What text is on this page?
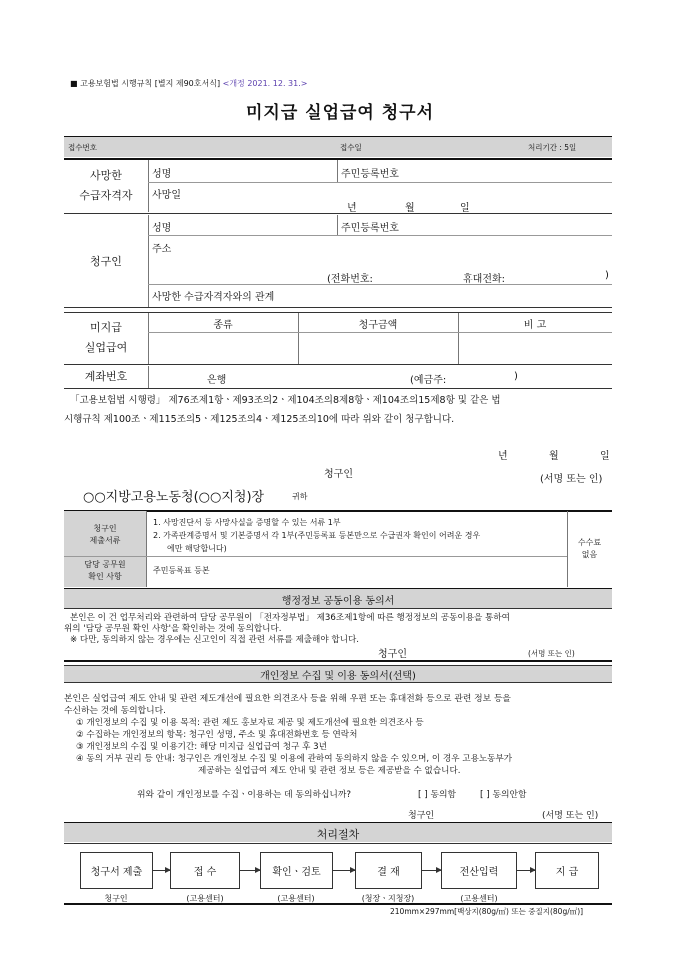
■ 고용보험법 시행규칙 [별지 제90호서식] <개정 2021. 12. 31.>
미지급 실업급여 청구서
접수번호	접수일	처리기간 : 5일
사망한
수급자격자
성명	주민등록번호
사망일
년	월	일
청구인
성명	주민등록번호
주소
(전화번호:	휴대전화:	)
사망한 수급자격자와의 관계
미지급
실업급여
종류	청구금액	비 고
계좌번호	은행	(예금주:	)
「고용보험법 시행령」 제76조제1항ㆍ제93조의2ㆍ제104조의8제8항ㆍ제104조의15제8항 및 같은 법
시행규칙 제100조ㆍ제115조의5ㆍ제125조의4ㆍ제125조의10에 따라 위와 같이 청구합니다.
년	월	일
청구인	(서명 또는 인)
○○지방고용노동청(○○지청)장	귀하
청구인
제출서류
1. 사망진단서 등 사망사실을 증명할 수 있는 서류 1부
2. 가족관계증명서 및 기본증명서 각 1부(주민등록표 등본만으로 수급권자 확인이 어려운 경우
에만 해당합니다)
담당 공무원
확인 사항
주민등록표 등본
수수료
없음
행정정보 공동이용 동의서
본인은 이 건 업무처리와 관련하여 담당 공무원이 「전자정부법」 제36조제1항에 따른 행정정보의 공동이용을 통하여
위의 '담당 공무원 확인 사항'을 확인하는 것에 동의합니다.
※ 다만, 동의하지 않는 경우에는 신고인이 직접 관련 서류를 제출해야 합니다.
청구인	(서명 또는 인)
개인정보 수집 및 이용 동의서(선택)
본인은 실업급여 제도 안내 및 관련 제도개선에 필요한 의견조사 등을 위해 우편 또는 휴대전화 등으로 관련 정보 등을
수신하는 것에 동의합니다.
① 개인정보의 수집 및 이용 목적: 관련 제도 홍보자료 제공 및 제도개선에 필요한 의견조사 등
② 수집하는 개인정보의 항목: 청구인 성명, 주소 및 휴대전화번호 등 연락처
③ 개인정보의 수집 및 이용기간: 해당 미지급 실업급여 청구 후 3년
④ 동의 거부 권리 등 안내: 청구인은 개인정보 수집 및 이용에 관하여 동의하지 않을 수 있으며, 이 경우 고용노동부가
제공하는 실업급여 제도 안내 및 관련 정보 등은 제공받을 수 없습니다.
위와 같이 개인정보를 수집ㆍ이용하는 데 동의하십니까?	[ ] 동의함	[ ] 동의안함
청구인	(서명 또는 인)
처리절차
청구서 제출	접 수	확인ㆍ검토	결 재	전산입력	지 급
청구인	(고용센터)	(고용센터)	(청장ㆍ지청장)	(고용센터)
210mm×297mm[백상지(80g/㎡) 또는 중질지(80g/㎡)]
